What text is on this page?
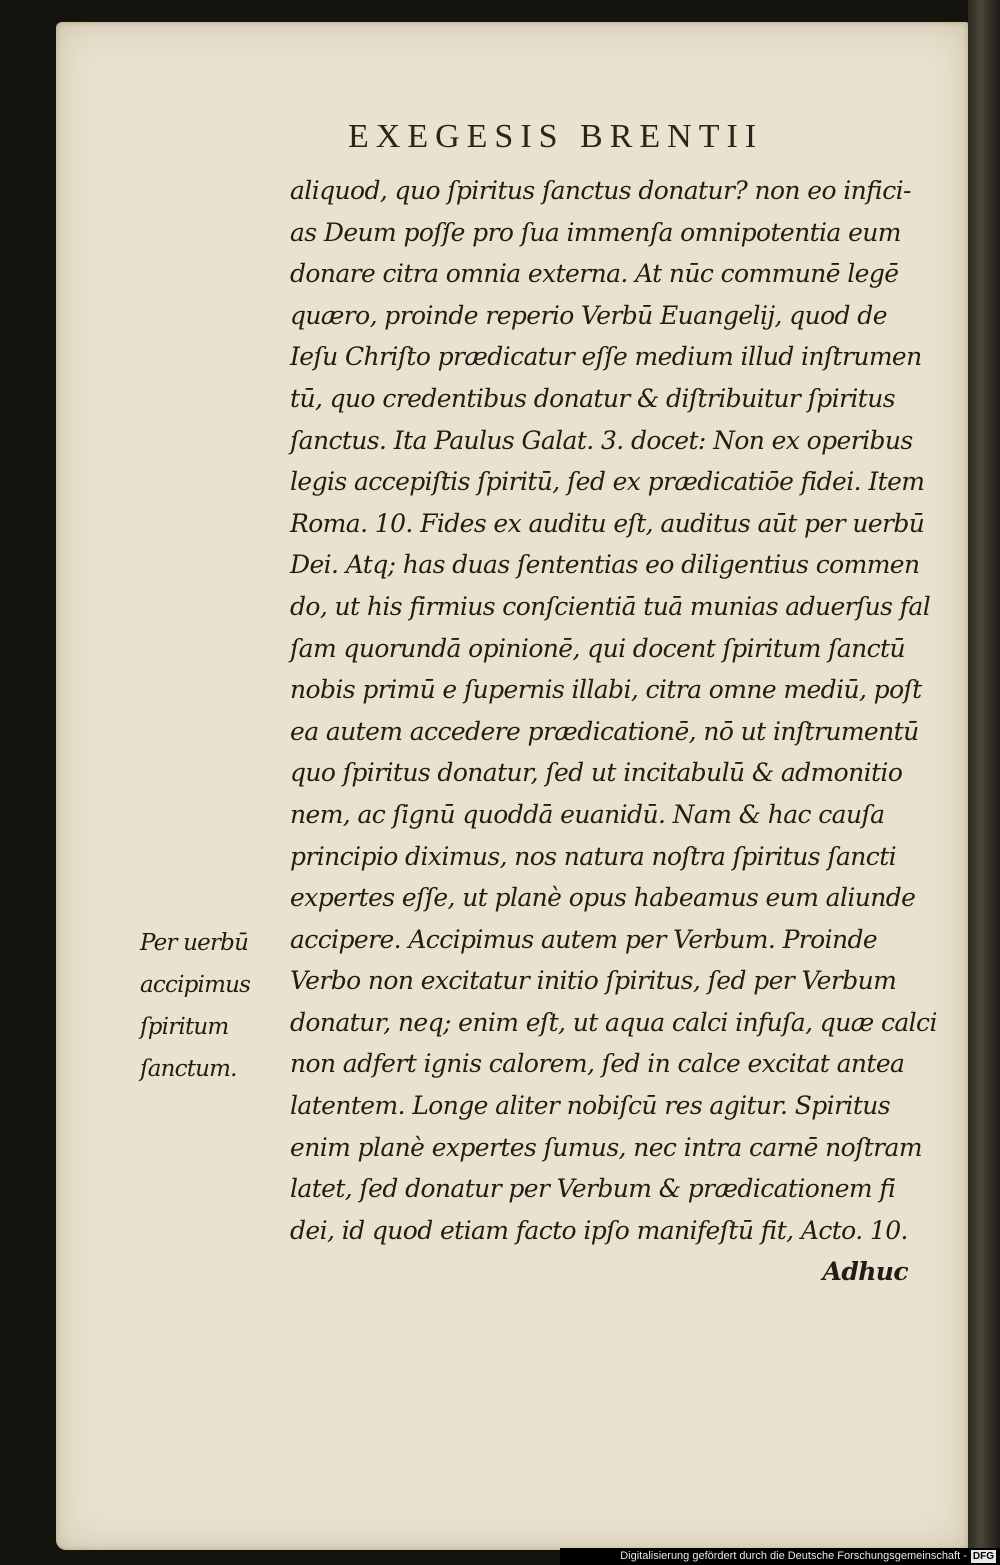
EXEGESIS BRENTII
aliquod, quo ſpiritus ſanctus donatur? non eo infici-
as Deum poſſe pro ſua immenſa omnipotentia eum
donare citra omnia externa. At nūc communē legē
quæro, proinde reperio Verbū Euangelij, quod de
Ieſu Chriſto prædicatur eſſe medium illud inſtrumen
tū, quo credentibus donatur & diſtribuitur ſpiritus
ſanctus. Ita Paulus Galat. 3. docet: Non ex operibus
legis accepiſtis ſpiritū, ſed ex prædicatiōe fidei. Item
Roma. 10. Fides ex auditu eſt, auditus aūt per uerbū
Dei. Atq; has duas ſententias eo diligentius commen
do, ut his firmius conſcientiā tuā munias aduerſus fal
ſam quorundā opinionē, qui docent ſpiritum ſanctū
nobis primū e ſupernis illabi, citra omne mediū, poſt
ea autem accedere prædicationē, nō ut inſtrumentū
quo ſpiritus donatur, ſed ut incitabulū & admonitio
nem, ac ſignū quoddā euanidū. Nam & hac cauſa
principio diximus, nos natura noſtra ſpiritus ſancti
expertes eſſe, ut planè opus habeamus eum aliunde
accipere. Accipimus autem per Verbum. Proinde
Verbo non excitatur initio ſpiritus, ſed per Verbum
donatur, neq; enim eſt, ut aqua calci infuſa, quæ calci
non adfert ignis calorem, ſed in calce excitat antea
latentem. Longe aliter nobiſcū res agitur. Spiritus
enim planè expertes ſumus, nec intra carnē noſtram
latet, ſed donatur per Verbum & prædicationem fi
dei, id quod etiam facto ipſo manifeſtū fit, Acto. 10.
Adhuc
Per uerbū
accipimus
ſpiritum
ſanctum.
Digitalisierung gefördert durch die Deutsche Forschungsgemeinschaft - DFG
